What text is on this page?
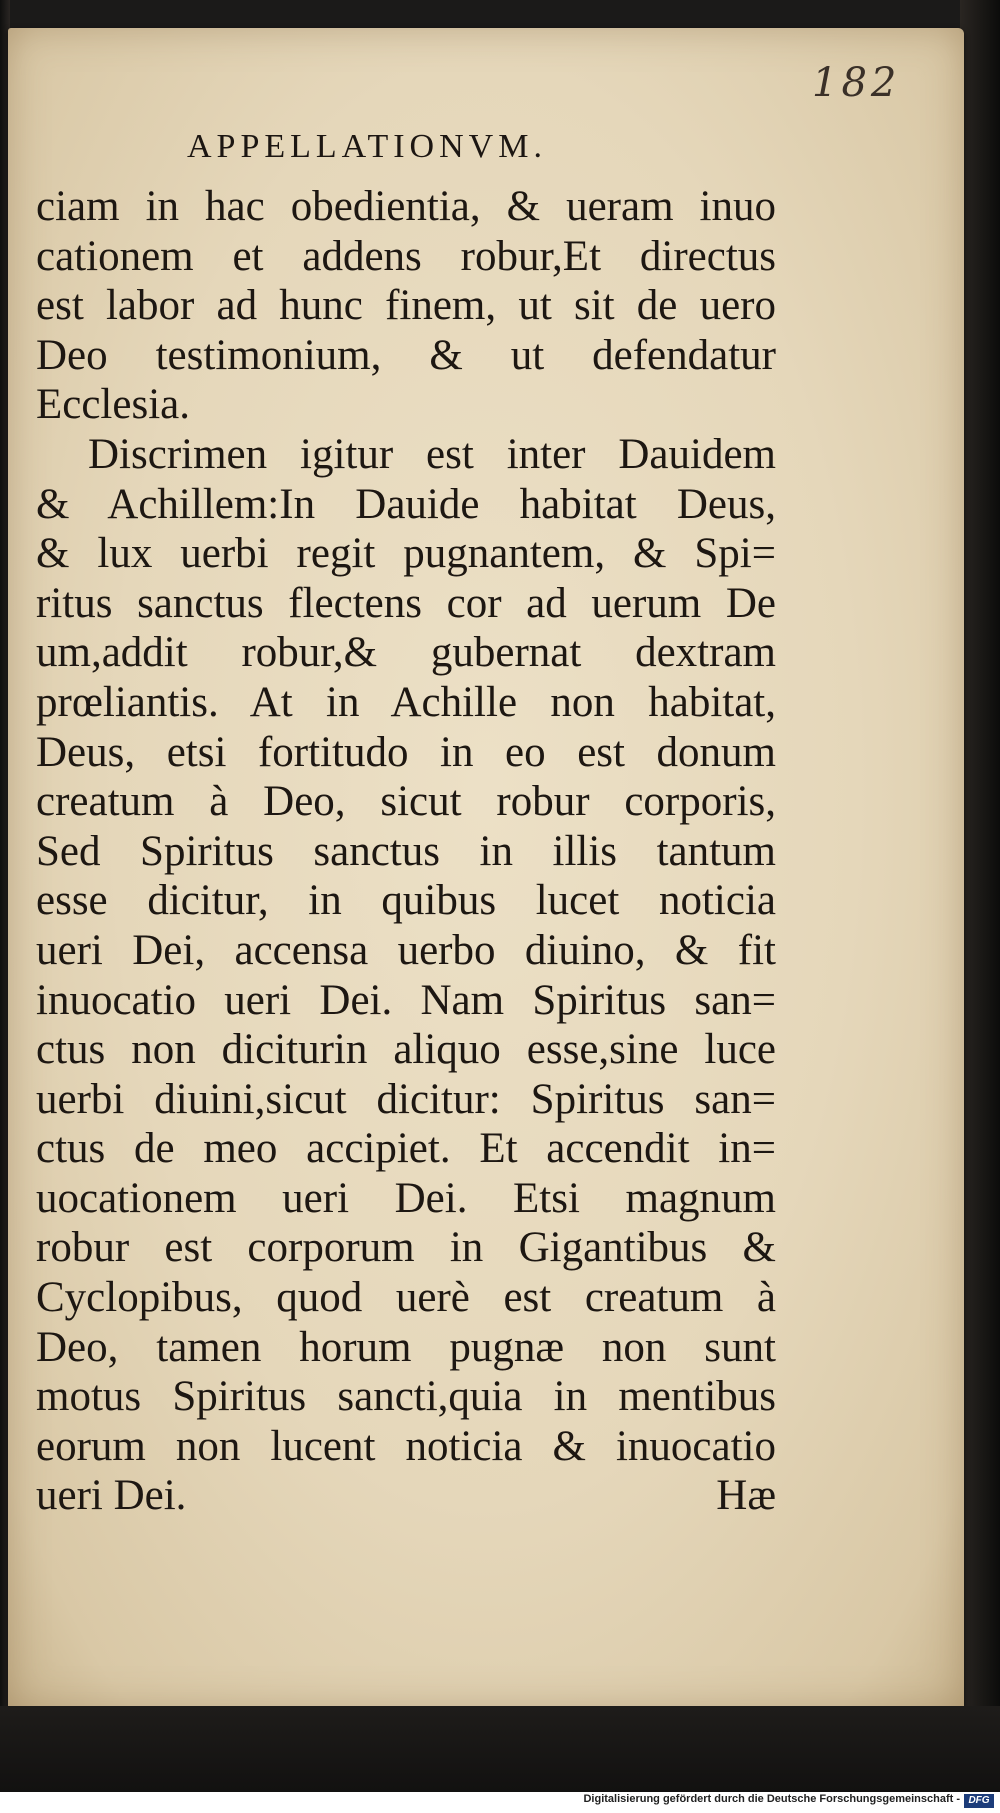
182
APPELLATIONVM.
ciam in hac obedientia, & ueram inuo
cationem et addens robur,Et directus
est labor ad hunc finem, ut sit de uero
Deo testimonium, & ut defendatur
Ecclesia.
Discrimen igitur est inter Dauidem
& Achillem:In Dauide habitat Deus,
& lux uerbi regit pugnantem, & Spi=
ritus sanctus flectens cor ad uerum De
um,addit robur,& gubernat dextram
prœliantis. At in Achille non habitat,
Deus, etsi fortitudo in eo est donum
creatum à Deo, sicut robur corporis,
Sed Spiritus sanctus in illis tantum
esse dicitur, in quibus lucet noticia
ueri Dei, accensa uerbo diuino, & fit
inuocatio ueri Dei. Nam Spiritus san=
ctus non diciturin aliquo esse,sine luce
uerbi diuini,sicut dicitur: Spiritus san=
ctus de meo accipiet. Et accendit in=
uocationem ueri Dei. Etsi magnum
robur est corporum in Gigantibus &
Cyclopibus, quod uerè est creatum à
Deo, tamen horum pugnæ non sunt
motus Spiritus sancti,quia in mentibus
eorum non lucent noticia & inuocatio
ueri Dei.	Hæ
Digitalisierung gefördert durch die Deutsche Forschungsgemeinschaft - DFG
